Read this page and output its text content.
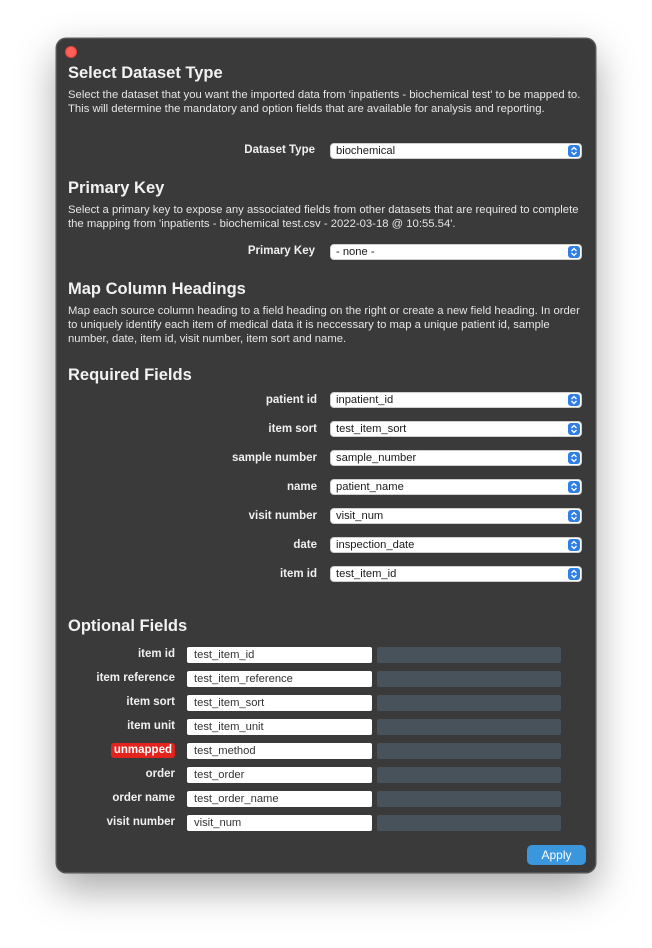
Select Dataset Type

Select the dataset that you want the imported data from 'inpatients - biochemical test' to be mapped to. This will determine the mandatory and option fields that are available for analysis and reporting.

Dataset Type biochemical
Primary Key

Select a primary key to expose any associated fields from other datasets that are required to complete the mapping from 'inpatients - biochemical test.csv - 2022-03-18 @ 10:55.54'.

Primary Key - none -
Map Column Headings

Map each source column heading to a field heading on the right or create a new field heading. In order to uniquely identify each item of medical data it is neccessary to map a unique patient id, sample number, date, item id, visit number, item sort and name.

Required Fields
patient id inpatient_id
item sort test_item_sort
sample number sample_number
name patient_name
visit number visit_num
date inspection_date
item id test_item_id
Optional Fields
item id	test_item_id
item reference	test_item_reference
item sort	test_item_sort
item unit	test_item_unit
unmapped	test_method
order	test_order
order name	test_order_name
visit number	visit_num
Apply
